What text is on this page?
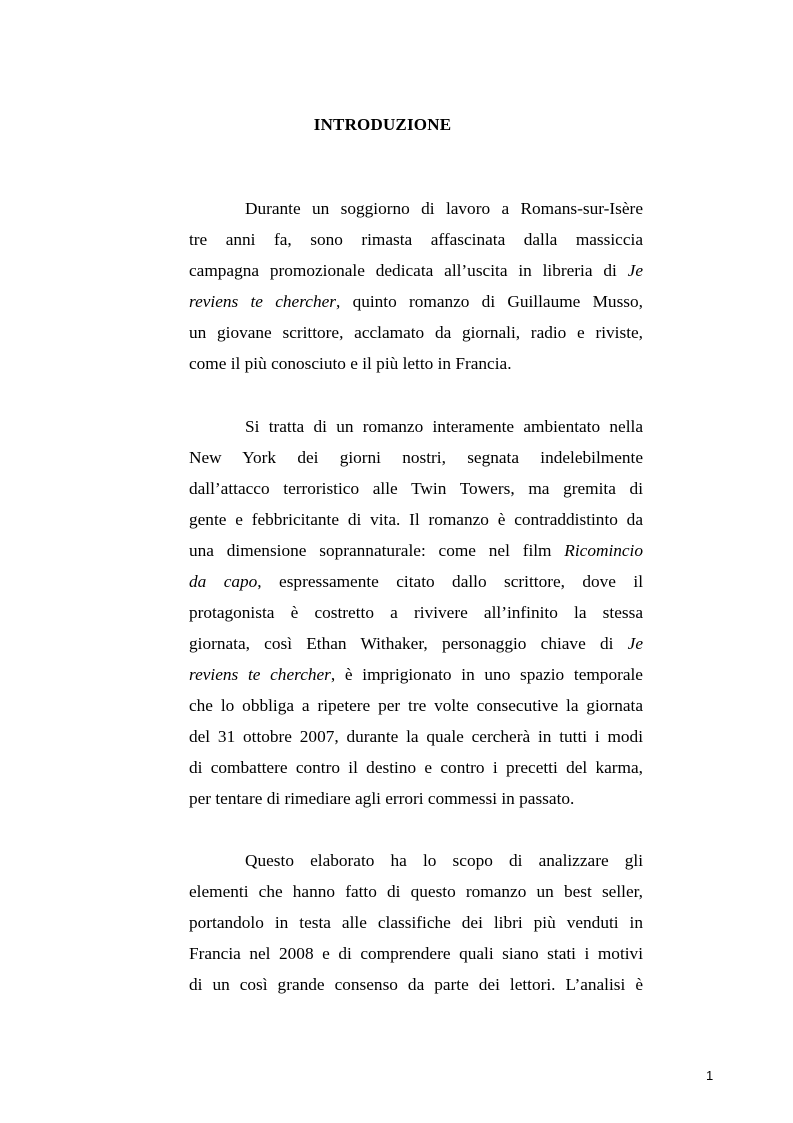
INTRODUZIONE
Durante un soggiorno di lavoro a Romans-sur-Isère
tre anni fa, sono rimasta affascinata dalla massiccia
campagna promozionale dedicata all’uscita in libreria di Je
reviens te chercher, quinto romanzo di Guillaume Musso,
un giovane scrittore, acclamato da giornali, radio e riviste,
come il più conosciuto e il più letto in Francia.
Si tratta di un romanzo interamente ambientato nella
New York dei giorni nostri, segnata indelebilmente
dall’attacco terroristico alle Twin Towers, ma gremita di
gente e febbricitante di vita. Il romanzo è contraddistinto da
una dimensione soprannaturale: come nel film Ricomincio
da capo, espressamente citato dallo scrittore, dove il
protagonista è costretto a rivivere all’infinito la stessa
giornata, così Ethan Withaker, personaggio chiave di Je
reviens te chercher, è imprigionato in uno spazio temporale
che lo obbliga a ripetere per tre volte consecutive la giornata
del 31 ottobre 2007, durante la quale cercherà in tutti i modi
di combattere contro il destino e contro i precetti del karma,
per tentare di rimediare agli errori commessi in passato.
Questo elaborato ha lo scopo di analizzare gli
elementi che hanno fatto di questo romanzo un best seller,
portandolo in testa alle classifiche dei libri più venduti in
Francia nel 2008 e di comprendere quali siano stati i motivi
di un così grande consenso da parte dei lettori. L’analisi è
1
